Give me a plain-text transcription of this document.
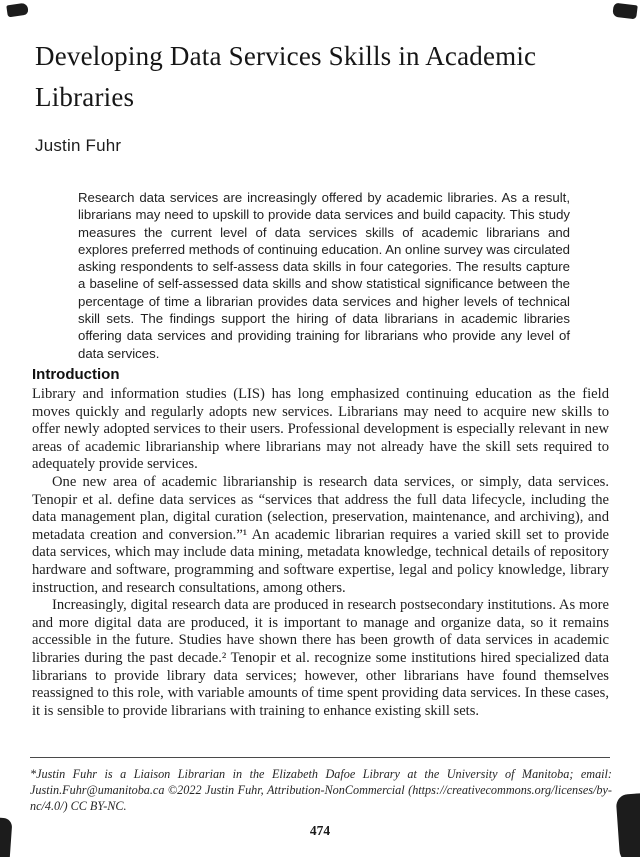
Developing Data Services Skills in Academic Libraries
Justin Fuhr
Research data services are increasingly offered by academic libraries. As a result, librarians may need to upskill to provide data services and build capacity. This study measures the current level of data services skills of academic librarians and explores preferred methods of continuing education. An online survey was circulated asking respondents to self-assess data skills in four categories. The results capture a baseline of self-assessed data skills and show statistical significance between the percentage of time a librarian provides data services and higher levels of technical skill sets. The findings support the hiring of data librarians in academic libraries offering data services and providing training for librarians who provide any level of data services.
Introduction

Library and information studies (LIS) has long emphasized continuing education as the field moves quickly and regularly adopts new services. Librarians may need to acquire new skills to offer newly adopted services to their users. Professional development is especially relevant in new areas of academic librarianship where librarians may not already have the skill sets required to adequately provide services.

One new area of academic librarianship is research data services, or simply, data services. Tenopir et al. define data services as “services that address the full data lifecycle, including the data management plan, digital curation (selection, preservation, maintenance, and archiving), and metadata creation and conversion.”¹ An academic librarian requires a varied skill set to provide data services, which may include data mining, metadata knowledge, technical details of repository hardware and software, programming and software expertise, legal and policy knowledge, library instruction, and research consultations, among others.

Increasingly, digital research data are produced in research postsecondary institutions. As more and more digital data are produced, it is important to manage and organize data, so it remains accessible in the future. Studies have shown there has been growth of data services in academic libraries during the past decade.² Tenopir et al. recognize some institutions hired specialized data librarians to provide library data services; however, other librarians have found themselves reassigned to this role, with variable amounts of time spent providing data services. In these cases, it is sensible to provide librarians with training to enhance existing skill sets.

*Justin Fuhr is a Liaison Librarian in the Elizabeth Dafoe Library at the University of Manitoba; email: Justin.Fuhr@umanitoba.ca ©2022 Justin Fuhr, Attribution-NonCommercial (https://creativecommons.org/licenses/by-nc/4.0/) CC BY-NC.

474
